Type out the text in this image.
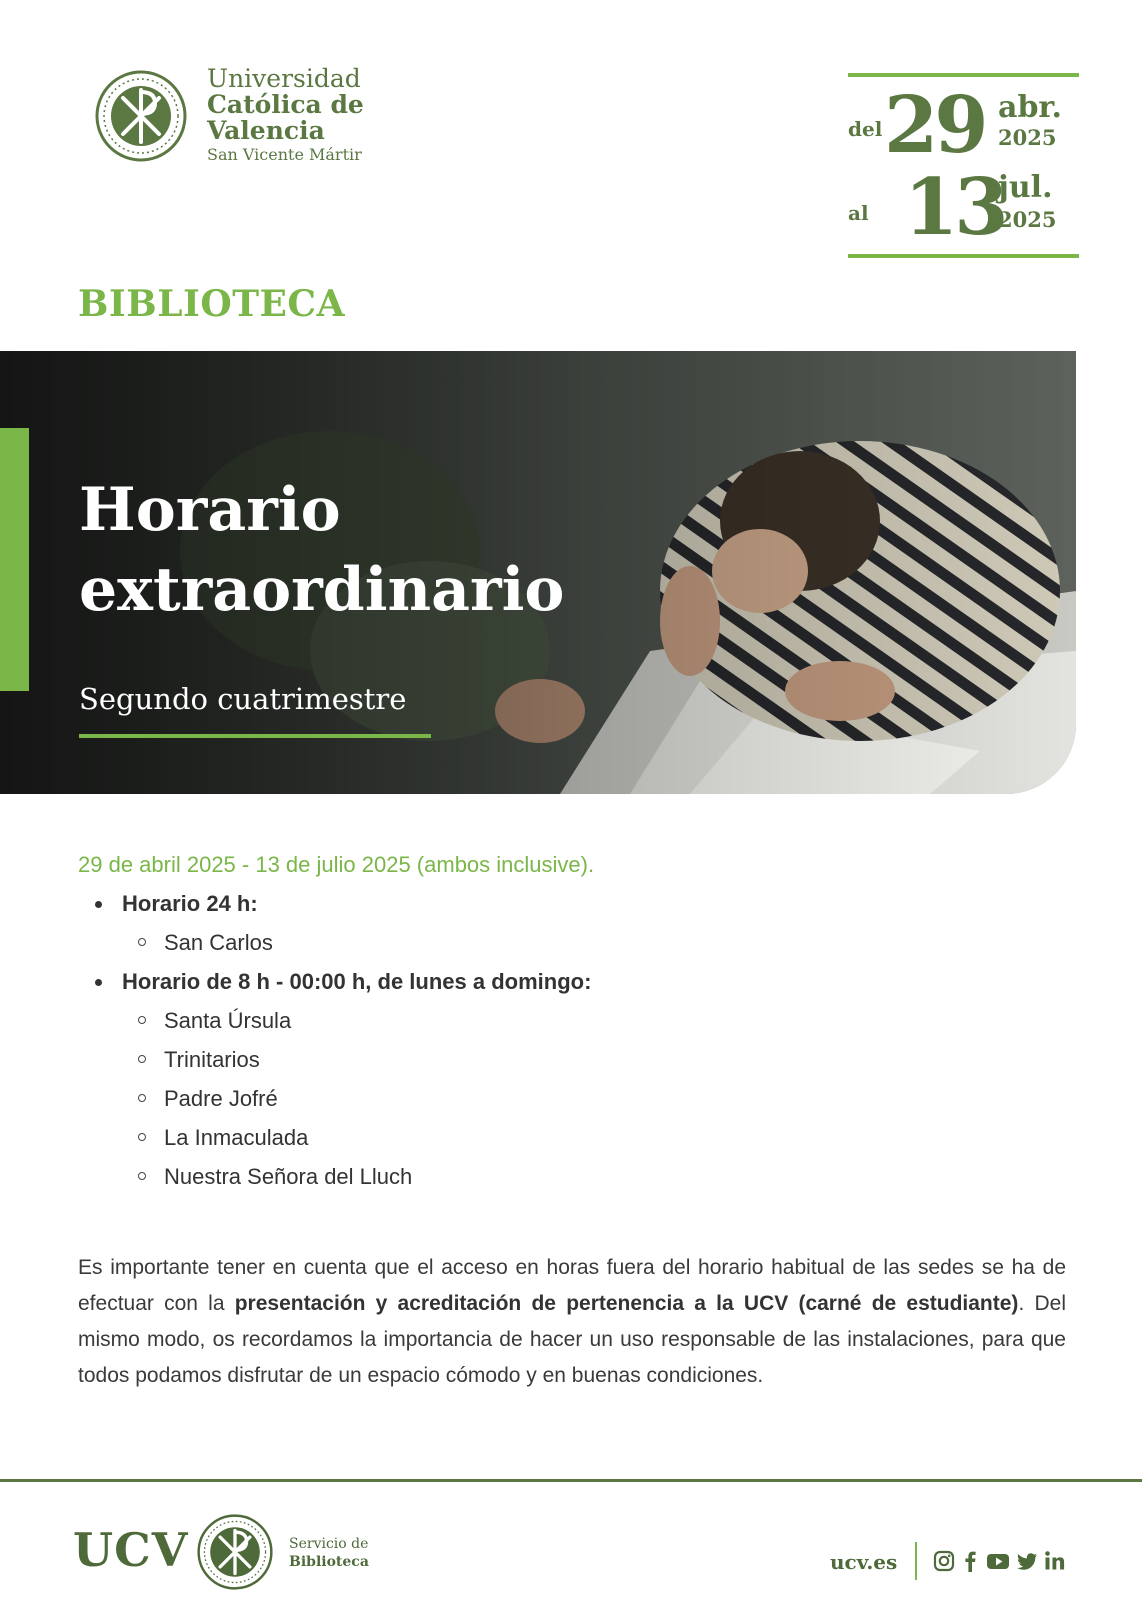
Universidad
Católica de
Valencia
San Vicente Mártir
del 29 abr.
2025
al 13
jul.
2025
BIBLIOTECA
Horario
extraordinario
Segundo cuatrimestre
29 de abril 2025 - 13 de julio 2025 (ambos inclusive).
Horario 24 h:
San Carlos
Horario de 8 h - 00:00 h, de lunes a domingo:
Santa Úrsula
Trinitarios
Padre Jofré
La Inmaculada
Nuestra Señora del Lluch
Es importante tener en cuenta que el acceso en horas fuera del horario habitual de las sedes se ha de efectuar con la presentación y acreditación de pertenencia a la UCV (carné de estudiante). Del mismo modo, os recordamos la importancia de hacer un uso responsable de las instalaciones, para que todos podamos disfrutar de un espacio cómodo y en buenas condiciones.
UCV	Servicio de
Biblioteca	ucv.es
